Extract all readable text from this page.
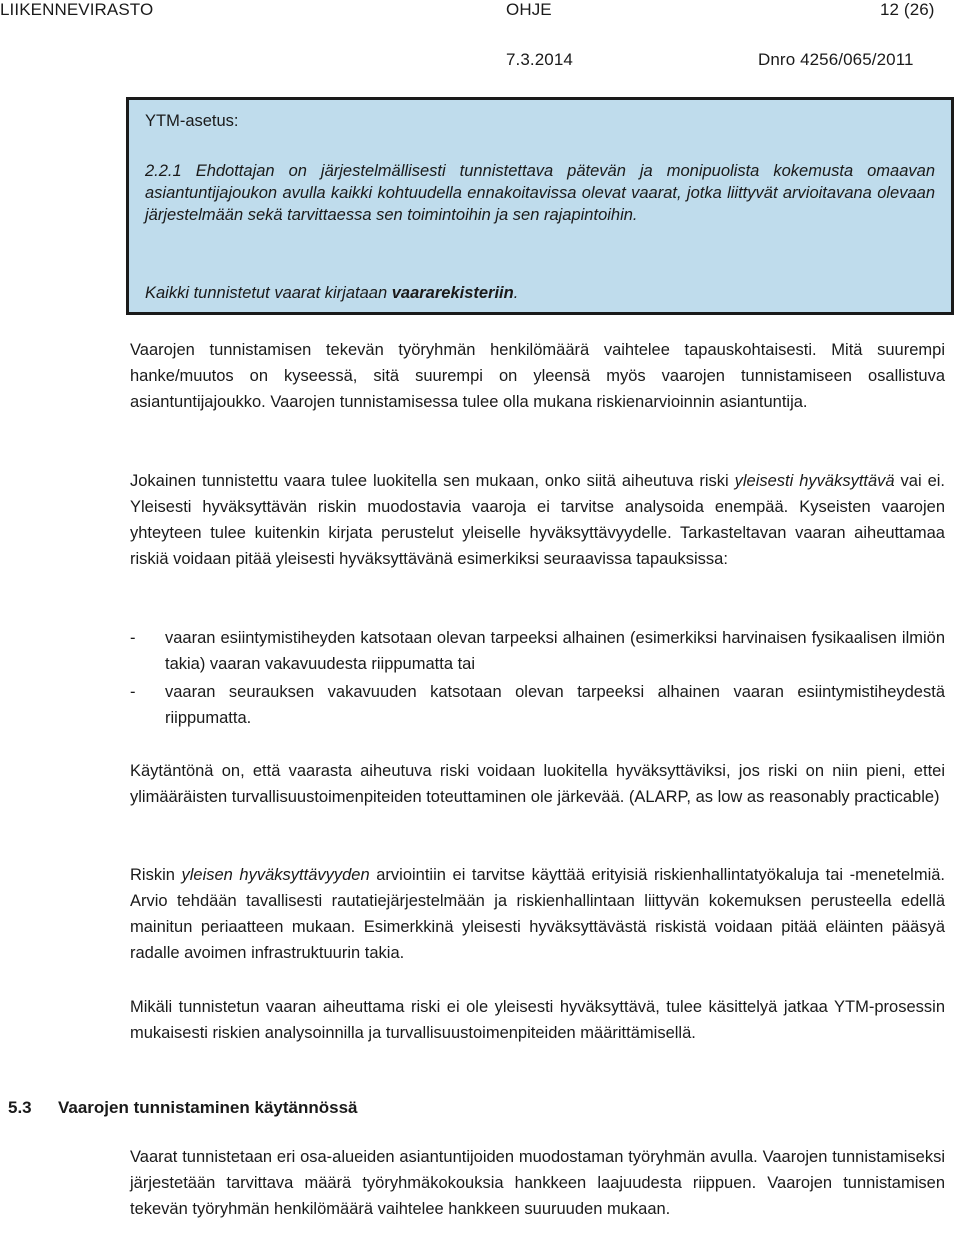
LIIKENNEVIRASTO	OHJE	12 (26)
7.3.2014	Dnro 4256/065/2011
YTM-asetus:
2.2.1 Ehdottajan on järjestelmällisesti tunnistettava pätevän ja monipuolista kokemusta omaavan asiantuntijajoukon avulla kaikki kohtuudella ennakoitavissa olevat vaarat, jotka liittyvät arvioitavana olevaan järjestelmään sekä tarvittaessa sen toimintoihin ja sen rajapintoihin.
Kaikki tunnistetut vaarat kirjataan vaararekisteriin.
Vaarojen tunnistamisen tekevän työryhmän henkilömäärä vaihtelee tapauskohtaisesti. Mitä suurempi hanke/muutos on kyseessä, sitä suurempi on yleensä myös vaarojen tunnistamiseen osallistuva asiantuntijajoukko. Vaarojen tunnistamisessa tulee olla mukana riskienarvioinnin asiantuntija.
Jokainen tunnistettu vaara tulee luokitella sen mukaan, onko siitä aiheutuva riski yleisesti hyväksyttävä vai ei. Yleisesti hyväksyttävän riskin muodostavia vaaroja ei tarvitse analysoida enempää. Kyseisten vaarojen yhteyteen tulee kuitenkin kirjata perustelut yleiselle hyväksyttävyydelle. Tarkasteltavan vaaran aiheuttamaa riskiä voidaan pitää yleisesti hyväksyttävänä esimerkiksi seuraavissa tapauksissa:
- vaaran esiintymistiheyden katsotaan olevan tarpeeksi alhainen (esimerkiksi harvinaisen fysikaalisen ilmiön takia) vaaran vakavuudesta riippumatta tai
- vaaran seurauksen vakavuuden katsotaan olevan tarpeeksi alhainen vaaran esiintymistiheydestä riippumatta.
Käytäntönä on, että vaarasta aiheutuva riski voidaan luokitella hyväksyttäviksi, jos riski on niin pieni, ettei ylimääräisten turvallisuustoimenpiteiden toteuttaminen ole järkevää. (ALARP, as low as reasonably practicable)
Riskin yleisen hyväksyttävyyden arviointiin ei tarvitse käyttää erityisiä riskienhallintatyökaluja tai -menetelmiä. Arvio tehdään tavallisesti rautatiejärjestelmään ja riskienhallintaan liittyvän kokemuksen perusteella edellä mainitun periaatteen mukaan. Esimerkkinä yleisesti hyväksyttävästä riskistä voidaan pitää eläinten pääsyä radalle avoimen infrastruktuurin takia.
Mikäli tunnistetun vaaran aiheuttama riski ei ole yleisesti hyväksyttävä, tulee käsittelyä jatkaa YTM-prosessin mukaisesti riskien analysoinnilla ja turvallisuustoimenpiteiden määrittämisellä.
5.3 Vaarojen tunnistaminen käytännössä
Vaarat tunnistetaan eri osa-alueiden asiantuntijoiden muodostaman työryhmän avulla. Vaarojen tunnistamiseksi järjestetään tarvittava määrä työryhmäkokouksia hankkeen laajuudesta riippuen. Vaarojen tunnistamisen tekevän työryhmän henkilömäärä vaihtelee hankkeen suuruuden mukaan.
